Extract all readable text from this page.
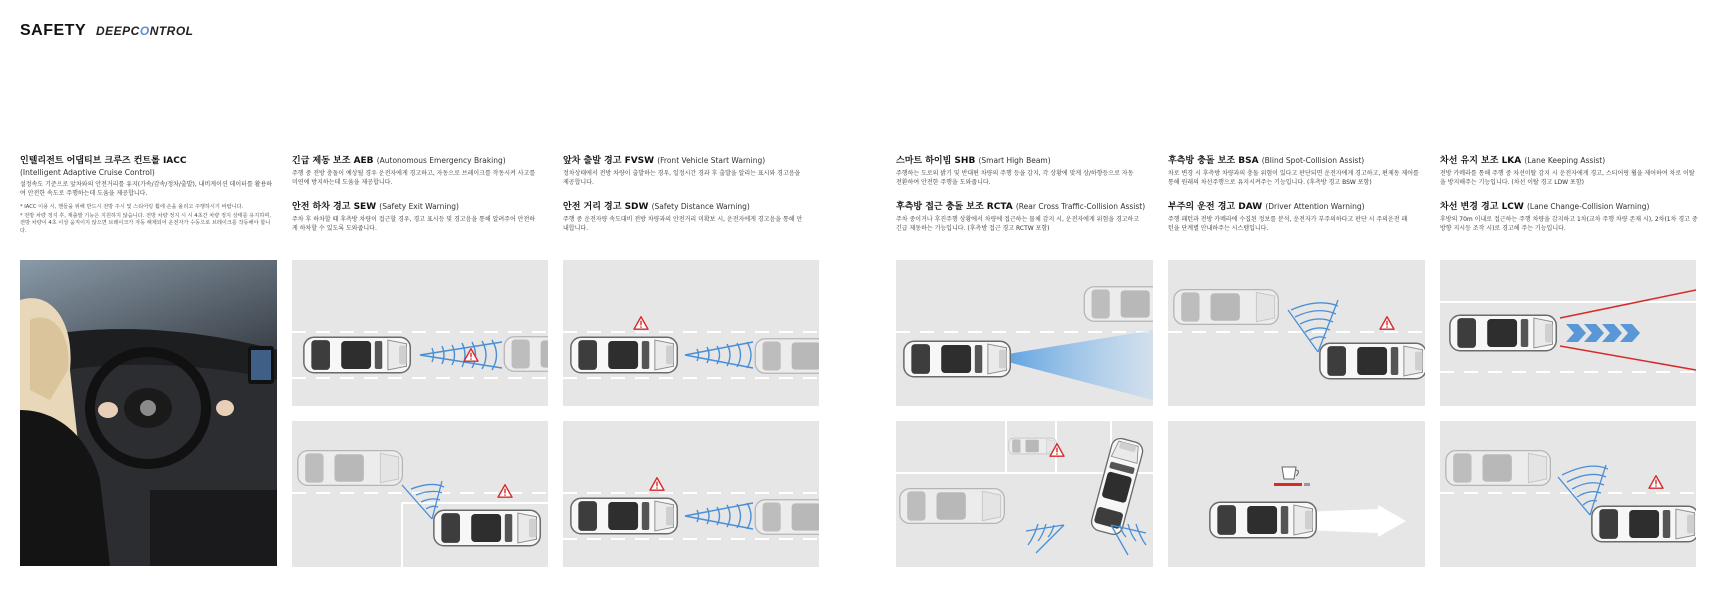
SAFETY DEEPCONTROL
인텔리전트 어댑티브 크루즈 컨트롤 IACC
(Intelligent Adaptive Cruise Control)

설정속도 기준으로 앞차와의 안전거리를 유지(가속/감속/정차/출발), 내비게이션 데이터를 활용하여 안전한 속도로 주행하는데 도움을 제공합니다.

* IACC 이용 시, 핸들을 위해 반드시 전방 주시 및 스티어링 휠에 손을 올리고 주행하시기 바랍니다.
* 전방 차량 정지 후, 재출발 기능은 지원하지 않습니다. 전방 차량 정지 시 시 4초간 차량 정지 상태를 유지하며, 전방 차량이 4초 이상 움직이지 않으면 브레이크가 자동 해제되어 운전자가 수동으로 브레이크를 작동해야 합니다.
긴급 제동 보조 AEB (Autonomous Emergency Braking)

주행 중 전방 충돌이 예상될 경우 운전자에게 경고하고, 자동으로 브레이크를 작동시켜 사고를 미연에 방지하는데 도움을 제공합니다.

안전 하차 경고 SEW (Safety Exit Warning)

주차 후 하차할 때 후측방 차량이 접근할 경우, 경고 표시등 및 경고음을 통해 알려주어 안전하게 하차할 수 있도록 도와줍니다.

앞차 출발 경고 FVSW (Front Vehicle Start Warning)

정차상태에서 전방 차량이 출발하는 경우, 일정시간 경과 후 출발을 알리는 표시와 경고음을 제공합니다.

안전 거리 경고 SDW (Safety Distance Warning)

주행 중 운전자량 속도대비 전방 차량과의 안전거리 미확보 시, 운전자에게 경고음을 통해 안내합니다.

스마트 하이빔 SHB (Smart High Beam)

주행하는 도로의 밝기 및 반대편 차량의 주행 등을 감지, 각 상황에 맞게 상/하향등으로 자동 전환하여 안전한 주행을 도와줍니다.

후측방 접근 충돌 보조 RCTA (Rear Cross Traffic-Collision Assist)

주차 중이거나 후진주행 상황에서 차량에 접근하는 물체 감지 시, 운전자에게 위험을 경고하고 긴급 제동하는 기능입니다. (후측방 접근 경고 RCTW 포함)

후측방 충돌 보조 BSA (Blind Spot-Collision Assist)

차로 변경 시 후측방 차량과의 충돌 위험이 있다고 판단되면 운전자에게 경고하고, 편제동 제어를 통해 원래의 차선주행으로 유지시켜주는 기능입니다. (후측방 경고 BSW 포함)

부주의 운전 경고 DAW (Driver Attention Warning)

주행 패턴과 전방 카메라에 수집된 정보를 분석, 운전자가 부주의하다고 판단 시 주의운전 패턴을 단계별 안내하주는 시스템입니다.

차선 유지 보조 LKA (Lane Keeping Assist)

전방 카메라를 통해 주행 중 차선이탈 감지 시 운전자에게 경고, 스티어링 휠을 제어하여 차로 이탈을 방지해주는 기능입니다. (차선 이탈 경고 LDW 포함)

차선 변경 경고 LCW (Lane Change-Collision Warning)

후방의 70m 이내로 접근하는 주행 차량을 감지하고 1차(교차 주행 차량 존재 시), 2차(1차 경고 중 방향 지시등 조작 시)로 경고해 주는 기능입니다.
